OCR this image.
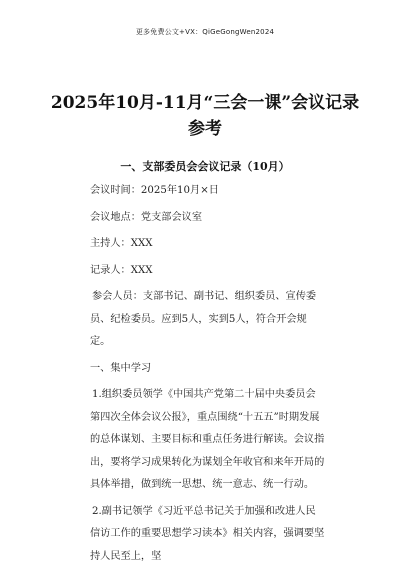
更多免费公文+VX：QiGeGongWen2024
2025年10月-11月“三会一课”会议记录
参考
一、支部委员会会议记录（10月）

会议时间：2025年10月×日

会议地点：党支部会议室

主持人：XXX

记录人：XXX

参会人员：支部书记、副书记、组织委员、宣传委员、纪检委员。应到5人，实到5人，符合开会规定。

一、集中学习

1.组织委员领学《中国共产党第二十届中央委员会第四次全体会议公报》，重点围绕“十五五”时期发展的总体谋划、主要目标和重点任务进行解读。会议指出，要将学习成果转化为谋划全年收官和来年开局的具体举措，做到统一思想、统一意志、统一行动。

2.副书记领学《习近平总书记关于加强和改进人民信访工作的重要思想学习读本》相关内容，强调要坚持人民至上，坚
